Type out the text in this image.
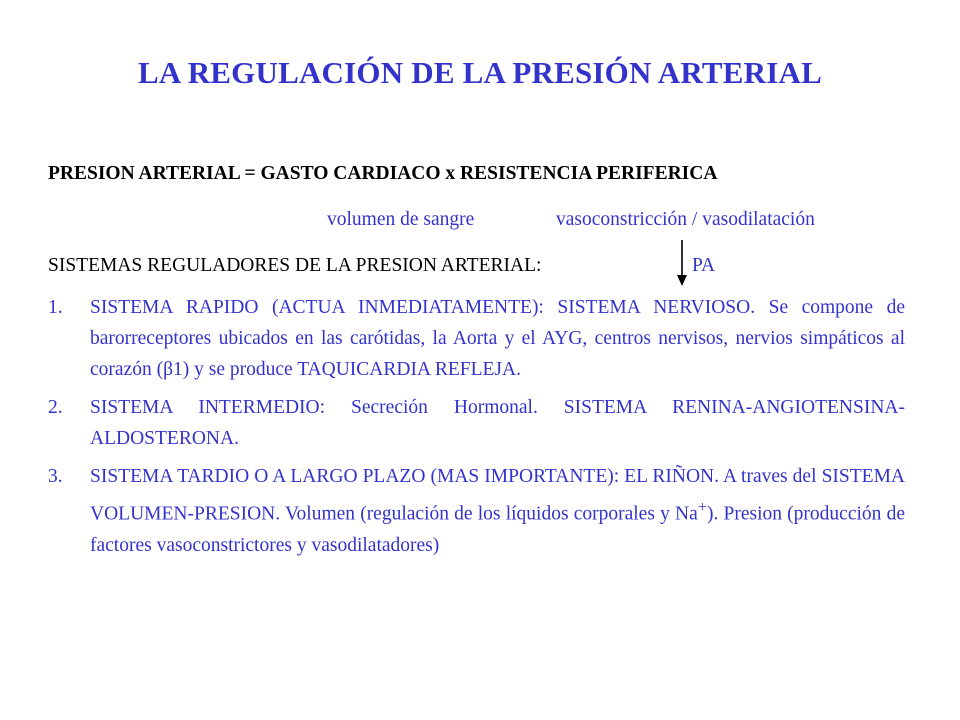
LA REGULACIÓN DE LA PRESIÓN ARTERIAL
PRESION ARTERIAL = GASTO CARDIACO x RESISTENCIA PERIFERICA
volumen de sangre	vasoconstricción / vasodilatación
SISTEMAS REGULADORES DE LA PRESION ARTERIAL:	PA
1.	SISTEMA RAPIDO (ACTUA INMEDIATAMENTE): SISTEMA NERVIOSO. Se compone de barorreceptores ubicados en las carótidas, la Aorta y el AYG, centros nervisos, nervios simpáticos al corazón (β1) y se produce TAQUICARDIA REFLEJA.
2.	SISTEMA INTERMEDIO: Secreción Hormonal. SISTEMA RENINA-ANGIOTENSINA-ALDOSTERONA.
3.	SISTEMA TARDIO O A LARGO PLAZO (MAS IMPORTANTE): EL RIÑON. A traves del SISTEMA VOLUMEN-PRESION. Volumen (regulación de los líquidos corporales y Na+). Presion (producción de factores vasoconstrictores y vasodilatadores)
